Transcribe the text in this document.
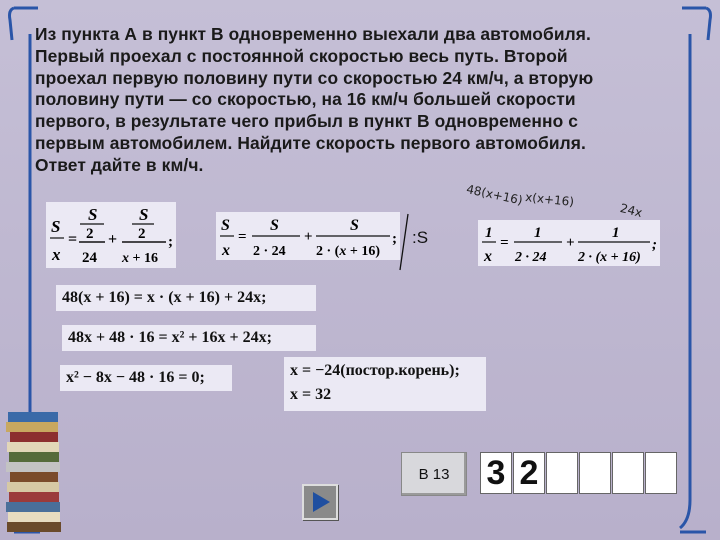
Из пункта А в пункт В одновременно выехали два автомобиля.
Первый проехал с постоянной скоростью весь путь. Второй
проехал первую половину пути со скоростью 24 км/ч, а вторую
половину пути — со скоростью, на 16 км/ч большей скорости
первого, в результате чего прибыл в пункт В одновременно с
первым автомобилем. Найдите скорость первого автомобиля.
Ответ дайте в км/ч.
S
x
=
S
2
24
+
S
2
x + 16
;
S
x
=
S
2 · 24
+
S
2 · (x + 16)
; :S
48(x+16) x(x+16)
24x
1
x
=
1
2 · 24
+
1
2 · (x + 16)
;
48(x + 16) = x · (x + 16) + 24x;
48x + 48 · 16 = x² + 16x + 24x;
x² − 8x − 48 · 16 = 0;	x = −24(постор.корень);
x = 32
В 13	3 2
